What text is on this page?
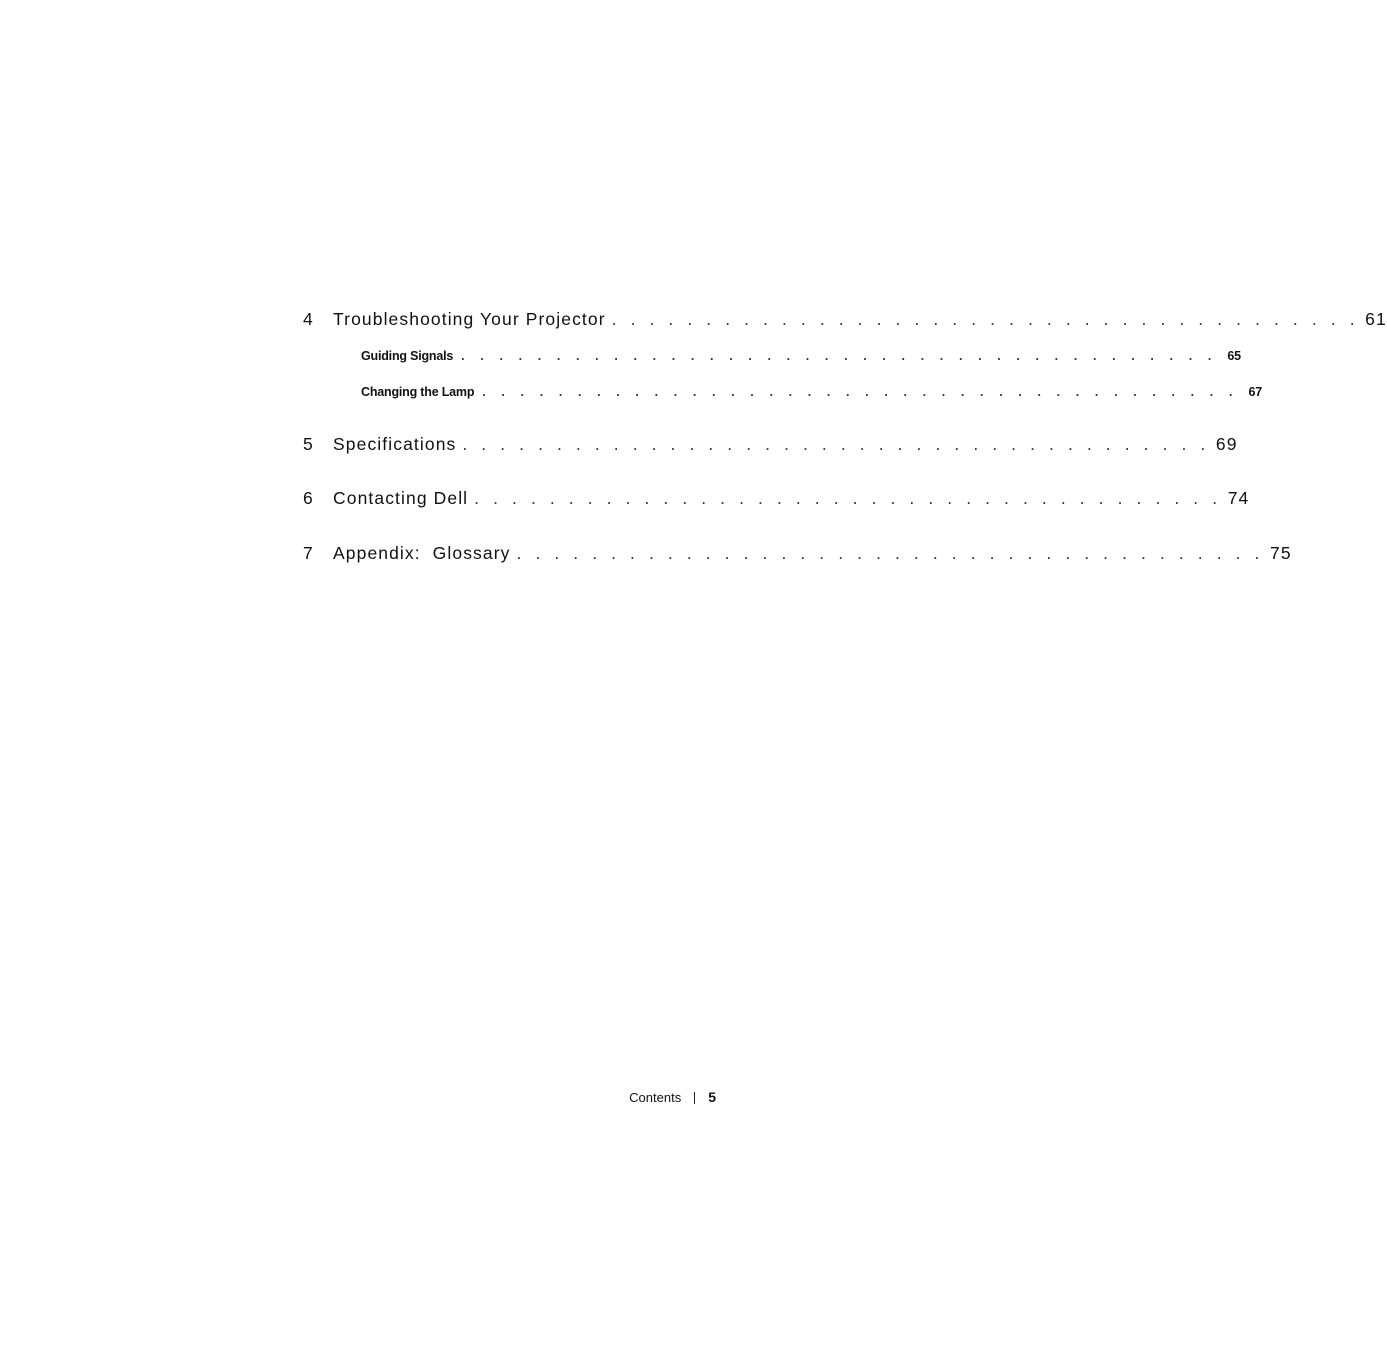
4	Troubleshooting Your Projector . . . . . . . . . . . . . . . . . . . . . . . . . . . . . . . . . . . . . . . . 61
Guiding Signals . . . . . . . . . . . . . . . . . . . . . . . . . . . . . . . . . . . . . . . . 65
Changing the Lamp . . . . . . . . . . . . . . . . . . . . . . . . . . . . . . . . . . . . . . . . 67
5	Specifications . . . . . . . . . . . . . . . . . . . . . . . . . . . . . . . . . . . . . . . . 69
6	Contacting Dell . . . . . . . . . . . . . . . . . . . . . . . . . . . . . . . . . . . . . . . . 74
7	Appendix:  Glossary . . . . . . . . . . . . . . . . . . . . . . . . . . . . . . . . . . . . . . . . 75
Contents 5
